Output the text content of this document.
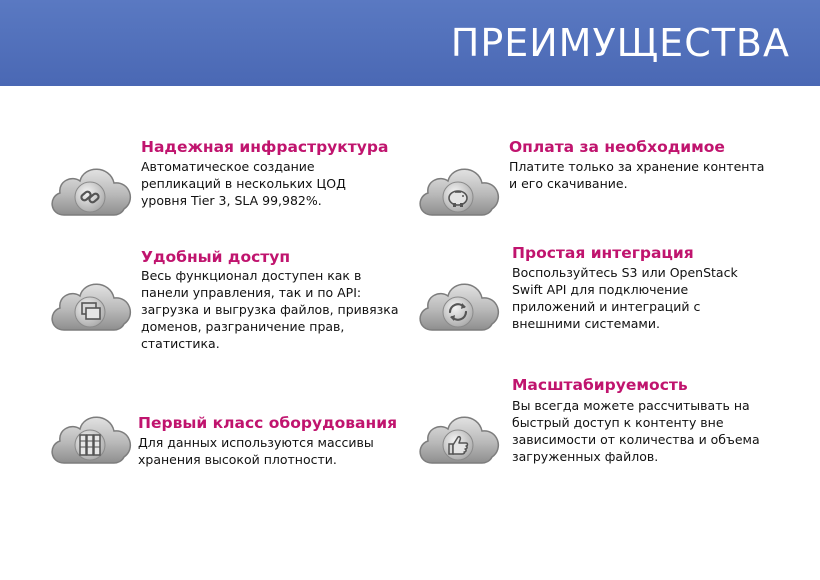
ПРЕИМУЩЕСТВА
Надежная инфраструктура
Автоматическое создание
репликаций в нескольких ЦОД
уровня Tier 3, SLA 99,982%.
Удобный доступ
Весь функционал доступен как в
панели управления, так и по API:
загрузка и выгрузка файлов, привязка
доменов, разграничение прав,
статистика.
Первый класс оборудования
Для данных используются массивы
хранения высокой плотности.
Оплата за необходимое
Платите только за хранение контента
и его скачивание.
Простая интеграция
Воспользуйтесь S3 или OpenStack
Swift API для подключение
приложений и интеграций с
внешними системами.
Масштабируемость
Вы всегда можете рассчитывать на
быстрый доступ к контенту вне
зависимости от количества и объема
загруженных файлов.
